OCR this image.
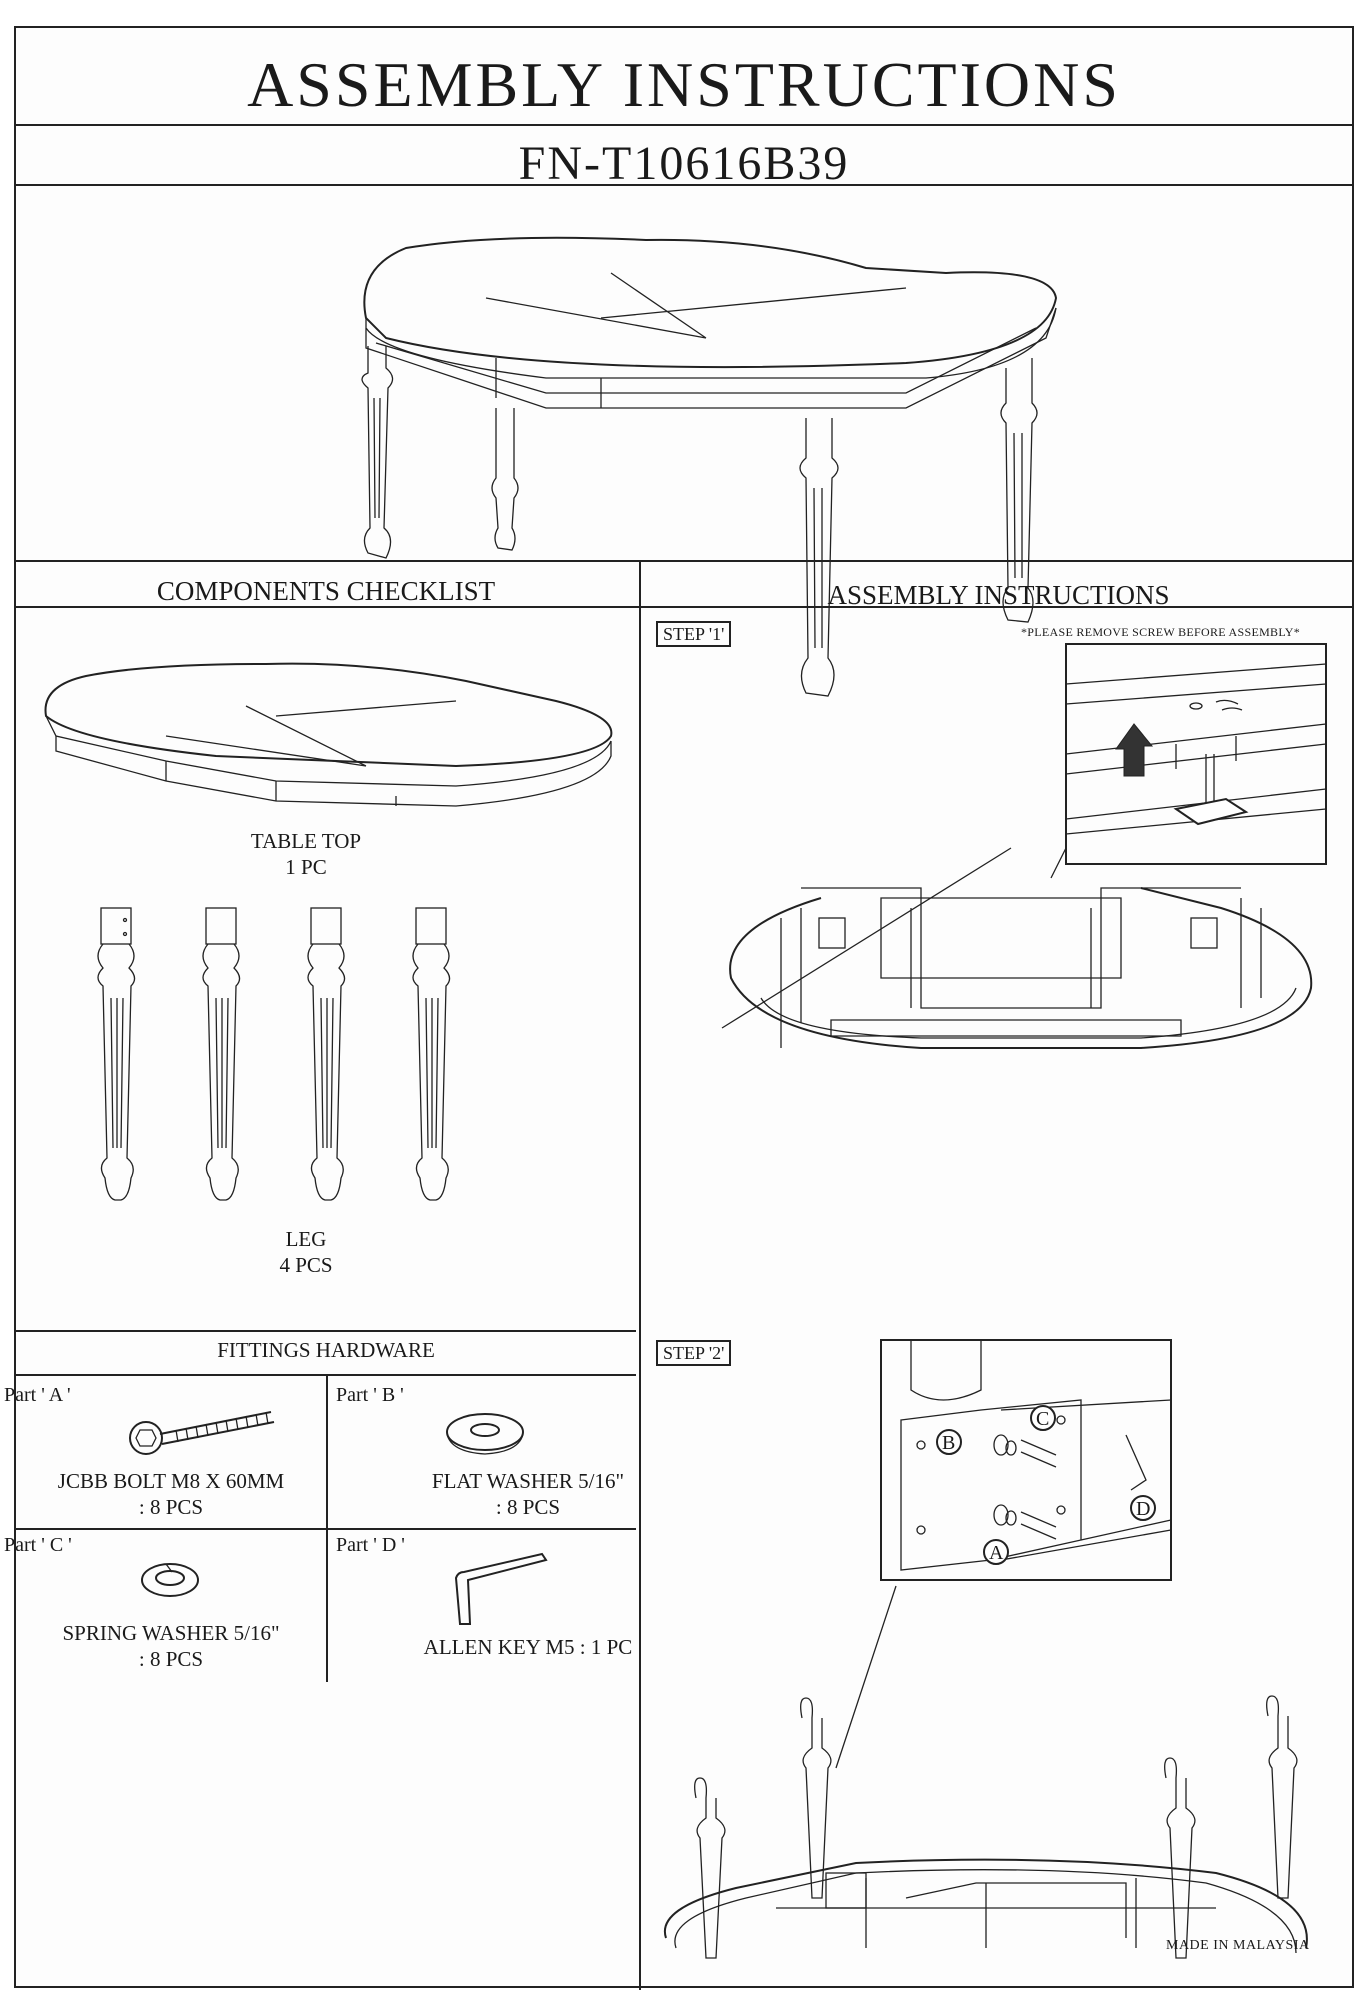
ASSEMBLY INSTRUCTIONS
FN-T10616B39
COMPONENTS CHECKLIST	ASSEMBLY INSTRUCTIONS
TABLE TOP
1 PC
LEG
4 PCS
FITTINGS HARDWARE
Part ' A '
JCBB BOLT M8 X 60MM
: 8 PCS
Part ' B '
FLAT WASHER 5/16"
: 8 PCS
Part ' C '
SPRING WASHER 5/16"
: 8 PCS
Part ' D '
ALLEN KEY M5 : 1 PC
STEP '1'	*PLEASE REMOVE SCREW BEFORE ASSEMBLY*
STEP '2'
B
C
A
D
MADE IN MALAYSIA
